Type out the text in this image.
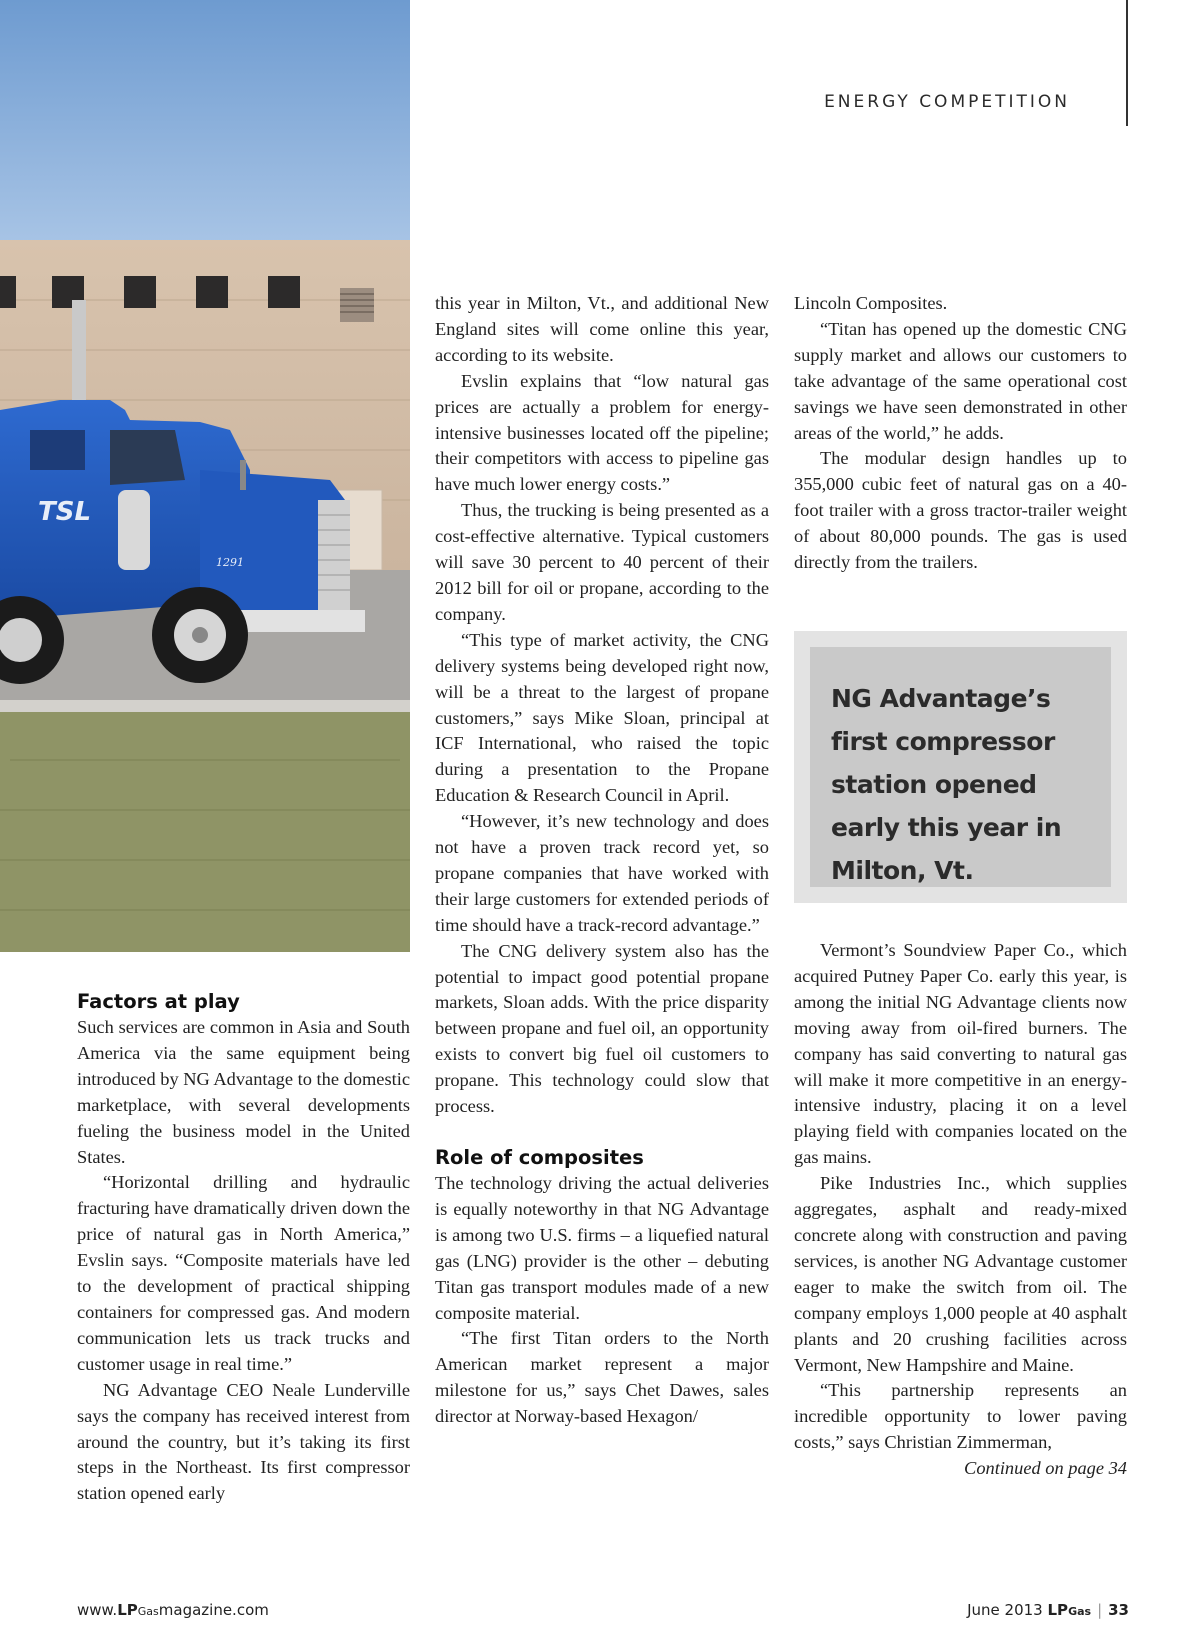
TSL
1291
ENERGY COMPETITION
Factors at play

Such services are common in Asia and South America via the same equipment being introduced by NG Advantage to the domestic marketplace, with several developments fueling the business model in the United States.

“Horizontal drilling and hydraulic fracturing have dramatically driven down the price of natural gas in North America,” Evslin says. “Composite materials have led to the development of practical shipping containers for compressed gas. And modern communication lets us track trucks and customer usage in real time.”

NG Advantage CEO Neale Lunderville says the company has received interest from around the country, but it’s taking its first steps in the Northeast. Its first compressor station opened early

this year in Milton, Vt., and additional New England sites will come online this year, according to its website.

Evslin explains that “low natural gas prices are actually a problem for energy-intensive businesses located off the pipeline; their competitors with access to pipeline gas have much lower energy costs.”

Thus, the trucking is being presented as a cost-effective alternative. Typical customers will save 30 percent to 40 percent of their 2012 bill for oil or propane, according to the company.

“This type of market activity, the CNG delivery systems being developed right now, will be a threat to the largest of propane customers,” says Mike Sloan, principal at ICF International, who raised the topic during a presentation to the Propane Education & Research Council in April.

“However, it’s new technology and does not have a proven track record yet, so propane companies that have worked with their large customers for extended periods of time should have a track-record advantage.”

The CNG delivery system also has the potential to impact good potential propane markets, Sloan adds. With the price disparity between propane and fuel oil, an opportunity exists to convert big fuel oil customers to propane. This technology could slow that process.

Role of composites

The technology driving the actual deliveries is equally noteworthy in that NG Advantage is among two U.S. firms – a liquefied natural gas (LNG) provider is the other – debuting Titan gas transport modules made of a new composite material.

“The first Titan orders to the North American market represent a major milestone for us,” says Chet Dawes, sales director at Norway-based Hexagon/

Lincoln Composites.

“Titan has opened up the domestic CNG supply market and allows our customers to take advantage of the same operational cost savings we have seen demonstrated in other areas of the world,” he adds.

The modular design handles up to 355,000 cubic feet of natural gas on a 40-foot trailer with a gross tractor-trailer weight of about 80,000 pounds. The gas is used directly from the trailers.

NG Advantage’s first compressor station opened early this year in Milton, Vt.

Vermont’s Soundview Paper Co., which acquired Putney Paper Co. early this year, is among the initial NG Advantage clients now moving away from oil-fired burners. The company has said converting to natural gas will make it more competitive in an energy-intensive industry, placing it on a level playing field with companies located on the gas mains.

Pike Industries Inc., which supplies aggregates, asphalt and ready-mixed concrete along with construction and paving services, is another NG Advantage customer eager to make the switch from oil. The company employs 1,000 people at 40 asphalt plants and 20 crushing facilities across Vermont, New Hampshire and Maine.

“This partnership represents an incredible opportunity to lower paving costs,” says Christian Zimmerman,

Continued on page 34

www.LPGasmagazine.com	June 2013 LPGas | 33
